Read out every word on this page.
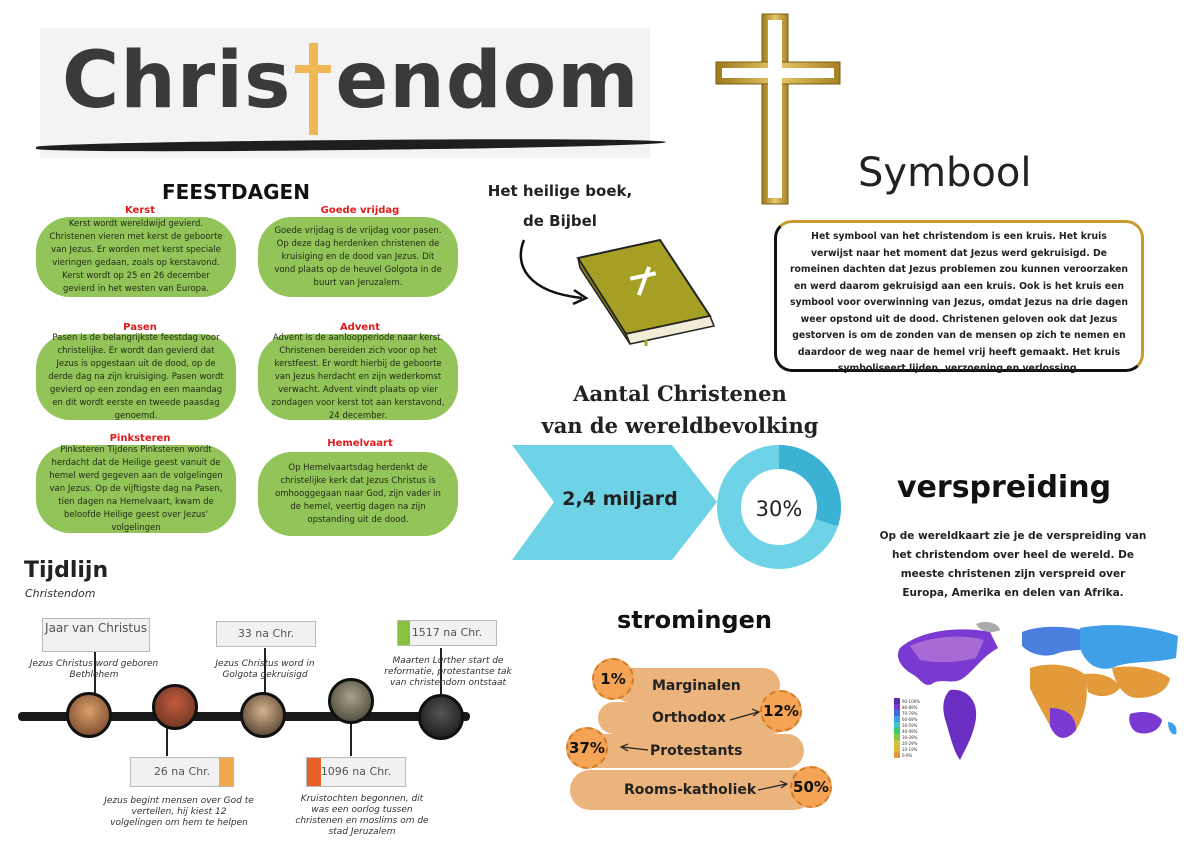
Chris endom
FEESTDAGEN
Kerst
Kerst wordt wereldwijd gevierd. Christenen vieren met kerst de geboorte van Jezus. Er worden met kerst speciale vieringen gedaan, zoals op kerstavond. Kerst wordt op 25 en 26 december gevierd in het westen van Europa.
Goede vrijdag
Goede vrijdag is de vrijdag voor pasen. Op deze dag herdenken christenen de kruisiging en de dood van Jezus. Dit vond plaats op de heuvel Golgota in de buurt van Jeruzalem.
Pasen
Pasen is de belangrijkste feestdag voor christelijke. Er wordt dan gevierd dat Jezus is opgestaan uit de dood, op de derde dag na zijn kruisiging. Pasen wordt gevierd op een zondag en een maandag en dit wordt eerste en tweede paasdag genoemd.
Advent
Advent is de aanloopperiode naar kerst. Christenen bereiden zich voor op het kerstfeest. Er wordt hierbij de geboorte van Jezus herdacht en zijn wederkomst verwacht. Advent vindt plaats op vier zondagen voor kerst tot aan kerstavond, 24 december.
Pinksteren
Pinksteren Tijdens Pinksteren wordt herdacht dat de Heilige geest vanuit de hemel werd gegeven aan de volgelingen van Jezus. Op de vijftigste dag na Pasen, tien dagen na Hemelvaart, kwam de beloofde Heilige geest over Jezus' volgelingen
Hemelvaart
Op Hemelvaartsdag herdenkt de christelijke kerk dat Jezus Christus is omhooggegaan naar God, zijn vader in de hemel, veertig dagen na zijn opstanding uit de dood.
Het heilige boek,
de Bijbel
Symbool
Het symbool van het christendom is een kruis. Het kruis verwijst naar het moment dat Jezus werd gekruisigd. De romeinen dachten dat Jezus problemen zou kunnen veroorzaken en werd daarom gekruisigd aan een kruis. Ook is het kruis een symbool voor overwinning van Jezus, omdat Jezus na drie dagen weer opstond uit de dood. Christenen geloven ook dat Jezus gestorven is om de zonden van de mensen op zich te nemen en daardoor de weg naar de hemel vrij heeft gemaakt. Het kruis symboliseert lijden, verzoening en verlossing.
Aantal Christenen
van de wereldbevolking
2,4 miljard	30%
verspreiding
Op de wereldkaart zie je de verspreiding van het christendom over heel de wereld. De meeste christenen zijn verspreid over Europa, Amerika en delen van Afrika.
90-100%
80-89%
70-79%
60-69%
50-59%
40-49%
30-39%
20-29%
10-19%
0-9%
Tijdlijn
Christendom
Jaar van Christus
Jezus Christus word geboren Bethlehem
33 na Chr.
Jezus Christus word in Golgota gekruisigd
1517 na Chr.
Maarten Lurther start de reformatie, protestantse tak van christendom ontstaat
26 na Chr.
Jezus begint mensen over God te vertellen, hij kiest 12 volgelingen om hem te helpen
1096 na Chr.
Kruistochten begonnen, dit was een oorlog tussen christenen en moslims om de stad Jeruzalem
stromingen
Marginalen
1%
Orthodox 12%
Protestants
37%
Rooms-katholiek 50%
